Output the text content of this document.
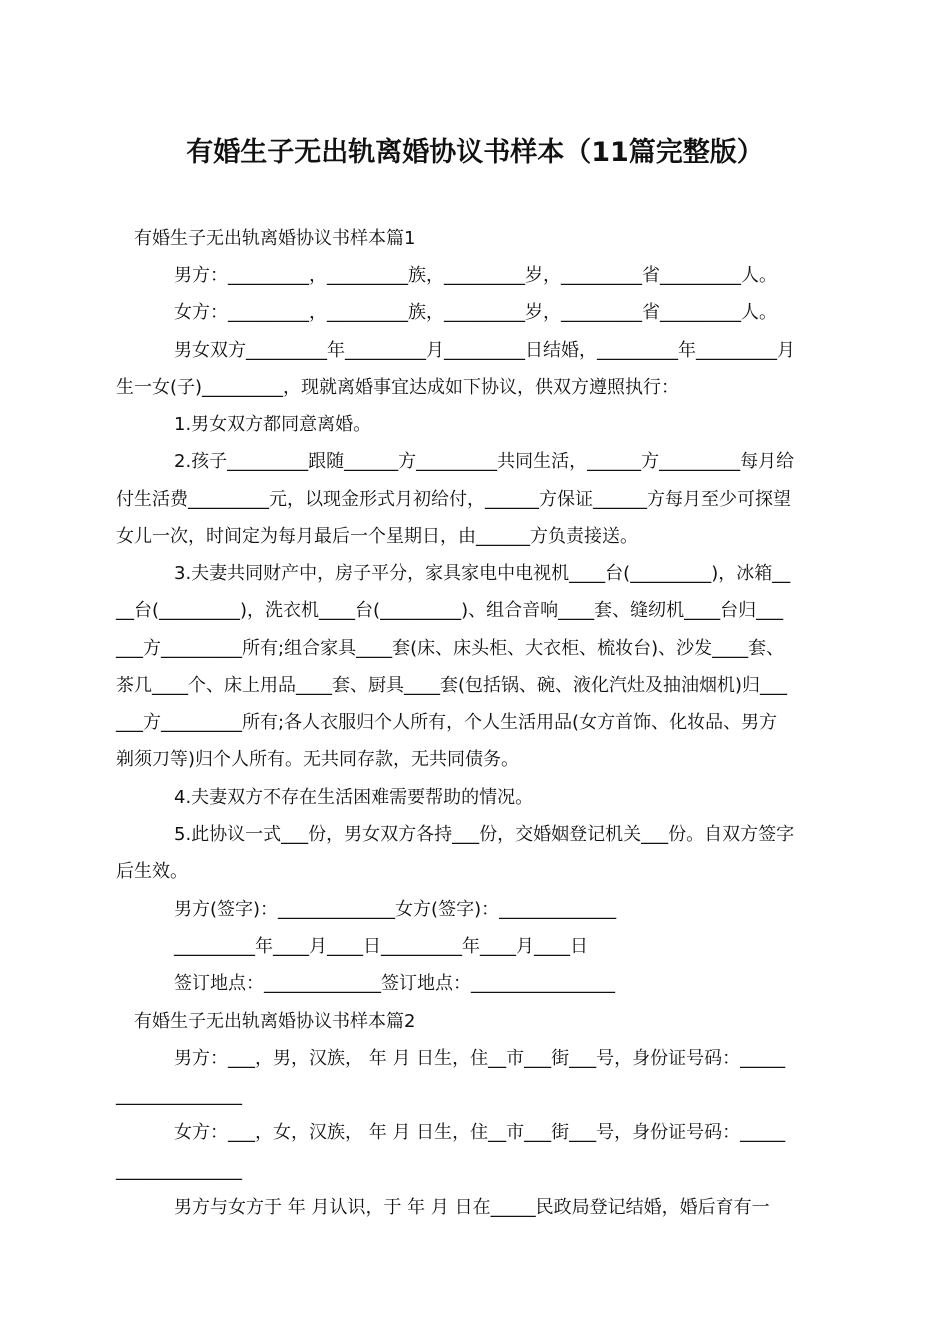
有婚生子无出轨离婚协议书样本（11篇完整版）
有婚生子无出轨离婚协议书样本篇1
男方：_________，_________族，_________岁，_________省_________人。
女方：_________，_________族，_________岁，_________省_________人。
男女双方_________年_________月_________日结婚，_________年_________月
生一女(子)_________，现就离婚事宜达成如下协议，供双方遵照执行：
1.男女双方都同意离婚。
2.孩子_________跟随______方_________共同生活，______方_________每月给
付生活费_________元，以现金形式月初给付，______方保证______方每月至少可探望
女儿一次，时间定为每月最后一个星期日，由______方负责接送。
3.夫妻共同财产中，房子平分，家具家电中电视机____台(_________)，冰箱__
__台(_________)，洗衣机____台(_________)、组合音响____套、缝纫机____台归___
___方_________所有;组合家具____套(床、床头柜、大衣柜、梳妆台)、沙发____套、
茶几____个、床上用品____套、厨具____套(包括锅、碗、液化汽灶及抽油烟机)归___
___方_________所有;各人衣服归个人所有，个人生活用品(女方首饰、化妆品、男方
剃须刀等)归个人所有。无共同存款，无共同债务。
4.夫妻双方不存在生活困难需要帮助的情况。
5.此协议一式___份，男女双方各持___份，交婚姻登记机关___份。自双方签字
后生效。
男方(签字)：_____________女方(签字)：_____________
_________年____月____日_________年____月____日
签订地点：_____________签订地点：________________
有婚生子无出轨离婚协议书样本篇2
男方：___，男，汉族， 年 月 日生，住__市___街___号，身份证号码：_____
______________
女方：___，女，汉族， 年 月 日生，住__市___街___号，身份证号码：_____
______________
男方与女方于 年 月认识，于 年 月 日在_____民政局登记结婚，婚后育有一
